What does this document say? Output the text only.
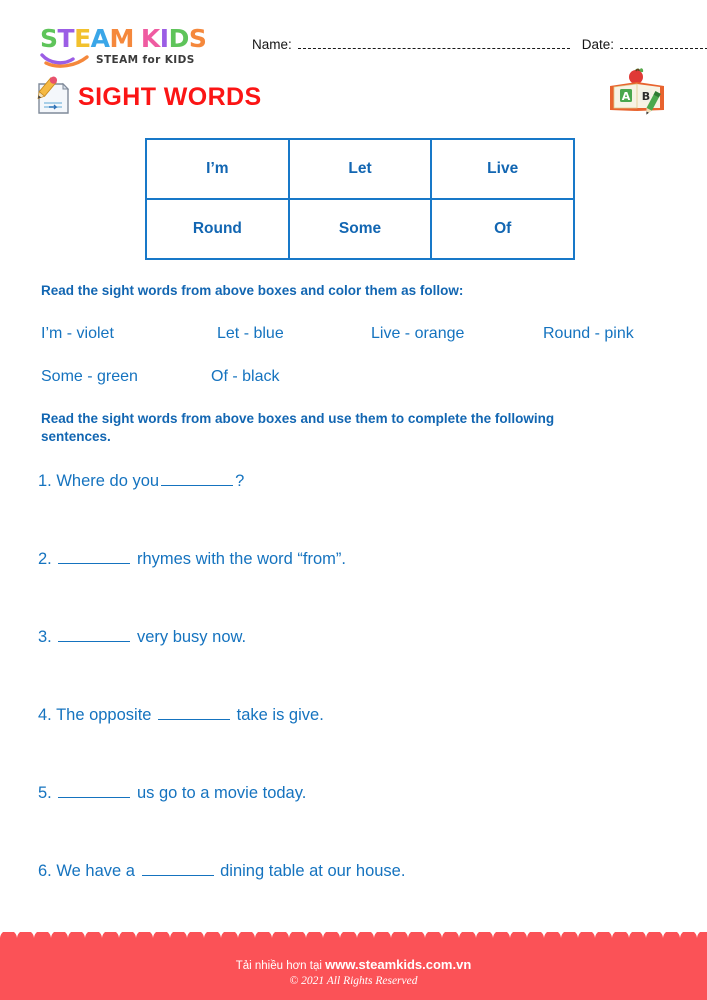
STEAM KIDS
STEAM for KIDS
Name:	Date:
SIGHT WORDS	A B
I’m	Let	Live
Round	Some	Of
Read the sight words from above boxes and color them as follow:
I’m - violet	Let - blue	Live - orange	Round - pink
Some - green	Of - black
Read the sight words from above boxes and use them to complete the following sentences.
1. Where do you	?
2.	rhymes with the word “from”.
3.	very busy now.
4. The opposite	take is give.
5.	us go to a movie today.
6. We have a	dining table at our house.
Tải nhiều hơn tại www.steamkids.com.vn
© 2021 All Rights Reserved
